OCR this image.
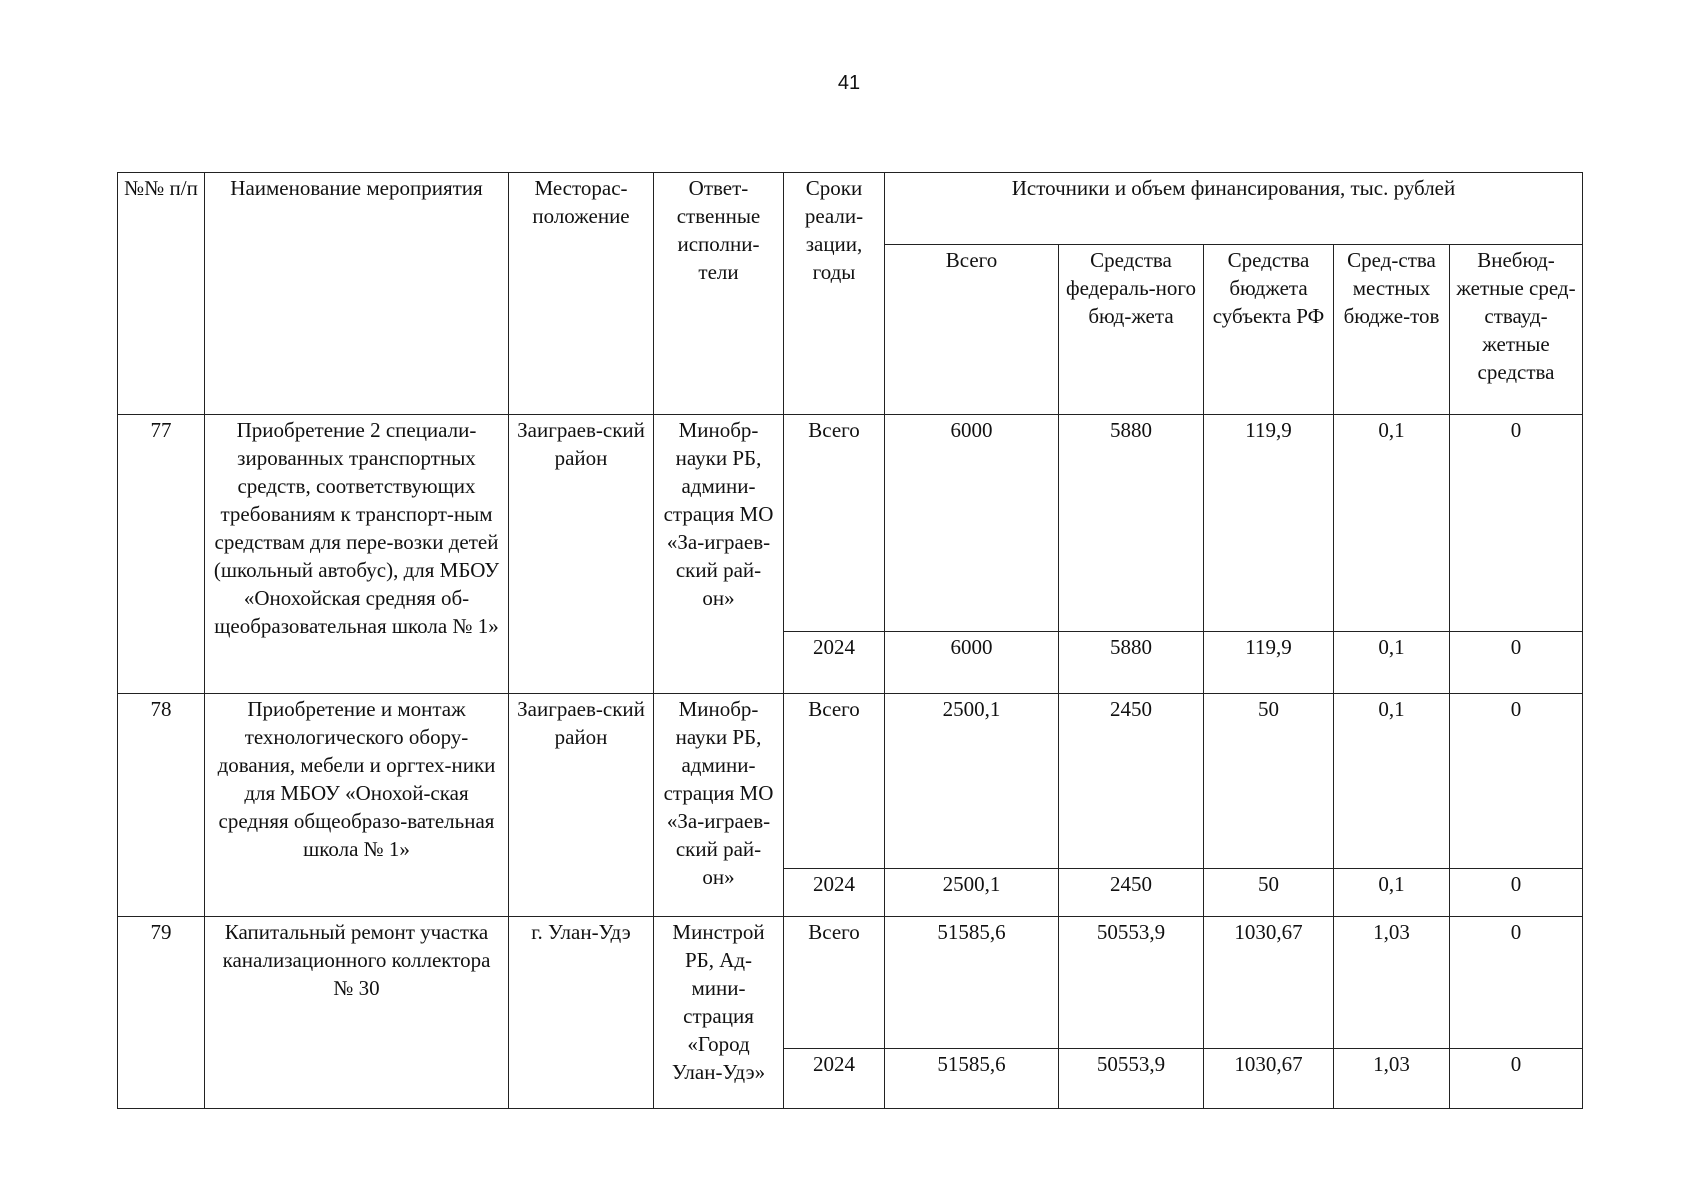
41
№№ п/п	Наименование мероприятия	Месторас-положение	Ответ-ственные исполни-тели	Сроки реали-зации, годы	Источники и объем финансирования, тыс. рублей				
					Всего	Средства федераль-ного бюд-жета	Средства бюджета субъекта РФ	Сред-ства местных бюдже-тов	Внебюд-жетные сред-ствауд-жетные средства
77	Приобретение 2 специали-зированных транспортных средств, соответствующих требованиям к транспорт-ным средствам для пере-возки детей (школьный автобус), для МБОУ «Онохойская средняя об-щеобразовательная школа № 1»	Заиграев-ский район	Минобр-науки РБ, админи-страция МО «За-играев-ский рай-он»	Всего	6000	5880	119,9	0,1	0
				2024	6000	5880	119,9	0,1	0
78	Приобретение и монтаж технологического обору-дования, мебели и оргтех-ники для МБОУ «Онохой-ская средняя общеобразо-вательная школа № 1»	Заиграев-ский район	Минобр-науки РБ, админи-страция МО «За-играев-ский рай-он»	Всего	2500,1	2450	50	0,1	0
				2024	2500,1	2450	50	0,1	0
79	Капитальный ремонт участка канализационного коллектора № 30	г. Улан-Удэ	Минстрой РБ, Ад-мини-страция «Город Улан-Удэ»	Всего	51585,6	50553,9	1030,67	1,03	0
				2024	51585,6	50553,9	1030,67	1,03	0
